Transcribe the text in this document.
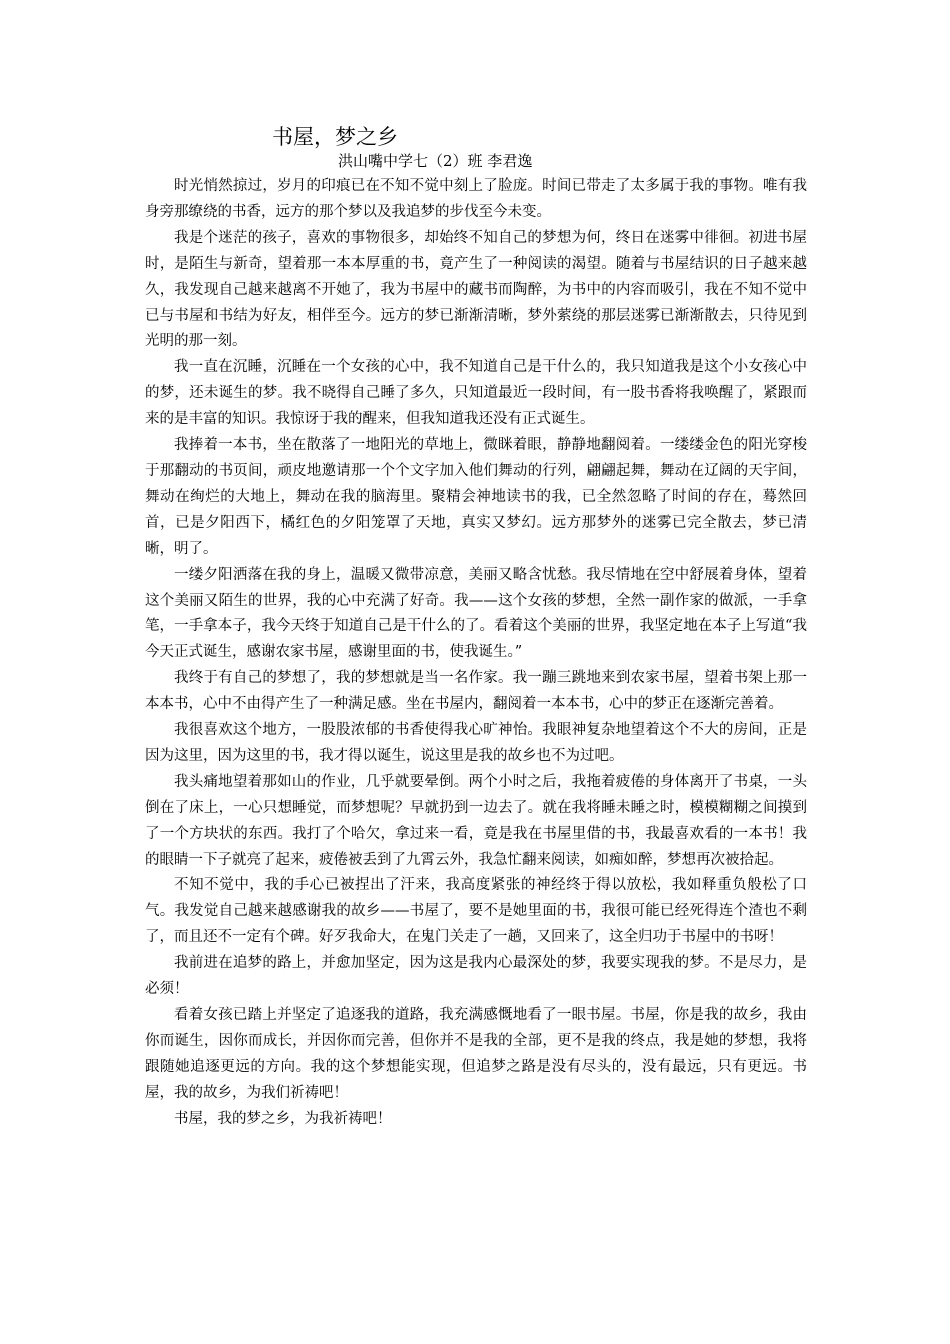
书屋，梦之乡
洪山嘴中学七（2）班 李君逸

时光悄然掠过，岁月的印痕已在不知不觉中刻上了脸庞。时间已带走了太多属于我的事物。唯有我身旁那缭绕的书香，远方的那个梦以及我追梦的步伐至今未变。

我是个迷茫的孩子，喜欢的事物很多，却始终不知自己的梦想为何，终日在迷雾中徘徊。初进书屋时，是陌生与新奇，望着那一本本厚重的书，竟产生了一种阅读的渴望。随着与书屋结识的日子越来越久，我发现自己越来越离不开她了，我为书屋中的藏书而陶醉，为书中的内容而吸引，我在不知不觉中已与书屋和书结为好友，相伴至今。远方的梦已渐渐清晰，梦外萦绕的那层迷雾已渐渐散去，只待见到光明的那一刻。

我一直在沉睡，沉睡在一个女孩的心中，我不知道自己是干什么的，我只知道我是这个小女孩心中的梦，还未诞生的梦。我不晓得自己睡了多久，只知道最近一段时间，有一股书香将我唤醒了，紧跟而来的是丰富的知识。我惊讶于我的醒来，但我知道我还没有正式诞生。

我捧着一本书，坐在散落了一地阳光的草地上，微眯着眼，静静地翻阅着。一缕缕金色的阳光穿梭于那翻动的书页间，顽皮地邀请那一个个文字加入他们舞动的行列，翩翩起舞，舞动在辽阔的天宇间，舞动在绚烂的大地上，舞动在我的脑海里。聚精会神地读书的我，已全然忽略了时间的存在，蓦然回首，已是夕阳西下，橘红色的夕阳笼罩了天地，真实又梦幻。远方那梦外的迷雾已完全散去，梦已清晰，明了。

一缕夕阳洒落在我的身上，温暖又微带凉意，美丽又略含忧愁。我尽情地在空中舒展着身体，望着这个美丽又陌生的世界，我的心中充满了好奇。我——这个女孩的梦想，全然一副作家的做派，一手拿笔，一手拿本子，我今天终于知道自己是干什么的了。看着这个美丽的世界，我坚定地在本子上写道“我今天正式诞生，感谢农家书屋，感谢里面的书，使我诞生。”

我终于有自己的梦想了，我的梦想就是当一名作家。我一蹦三跳地来到农家书屋，望着书架上那一本本书，心中不由得产生了一种满足感。坐在书屋内，翻阅着一本本书，心中的梦正在逐渐完善着。

我很喜欢这个地方，一股股浓郁的书香使得我心旷神怡。我眼神复杂地望着这个不大的房间，正是因为这里，因为这里的书，我才得以诞生，说这里是我的故乡也不为过吧。

我头痛地望着那如山的作业，几乎就要晕倒。两个小时之后，我拖着疲倦的身体离开了书桌，一头倒在了床上，一心只想睡觉，而梦想呢？早就扔到一边去了。就在我将睡未睡之时，模模糊糊之间摸到了一个方块状的东西。我打了个哈欠，拿过来一看，竟是我在书屋里借的书，我最喜欢看的一本书！我的眼睛一下子就亮了起来，疲倦被丢到了九霄云外，我急忙翻来阅读，如痴如醉，梦想再次被拾起。

不知不觉中，我的手心已被捏出了汗来，我高度紧张的神经终于得以放松，我如释重负般松了口气。我发觉自己越来越感谢我的故乡——书屋了，要不是她里面的书，我很可能已经死得连个渣也不剩了，而且还不一定有个碑。好歹我命大，在鬼门关走了一趟，又回来了，这全归功于书屋中的书呀！

我前进在追梦的路上，并愈加坚定，因为这是我内心最深处的梦，我要实现我的梦。不是尽力，是必须！

看着女孩已踏上并坚定了追逐我的道路，我充满感慨地看了一眼书屋。书屋，你是我的故乡，我由你而诞生，因你而成长，并因你而完善，但你并不是我的全部，更不是我的终点，我是她的梦想，我将跟随她追逐更远的方向。我的这个梦想能实现，但追梦之路是没有尽头的，没有最远，只有更远。书屋，我的故乡，为我们祈祷吧！

书屋，我的梦之乡，为我祈祷吧！
